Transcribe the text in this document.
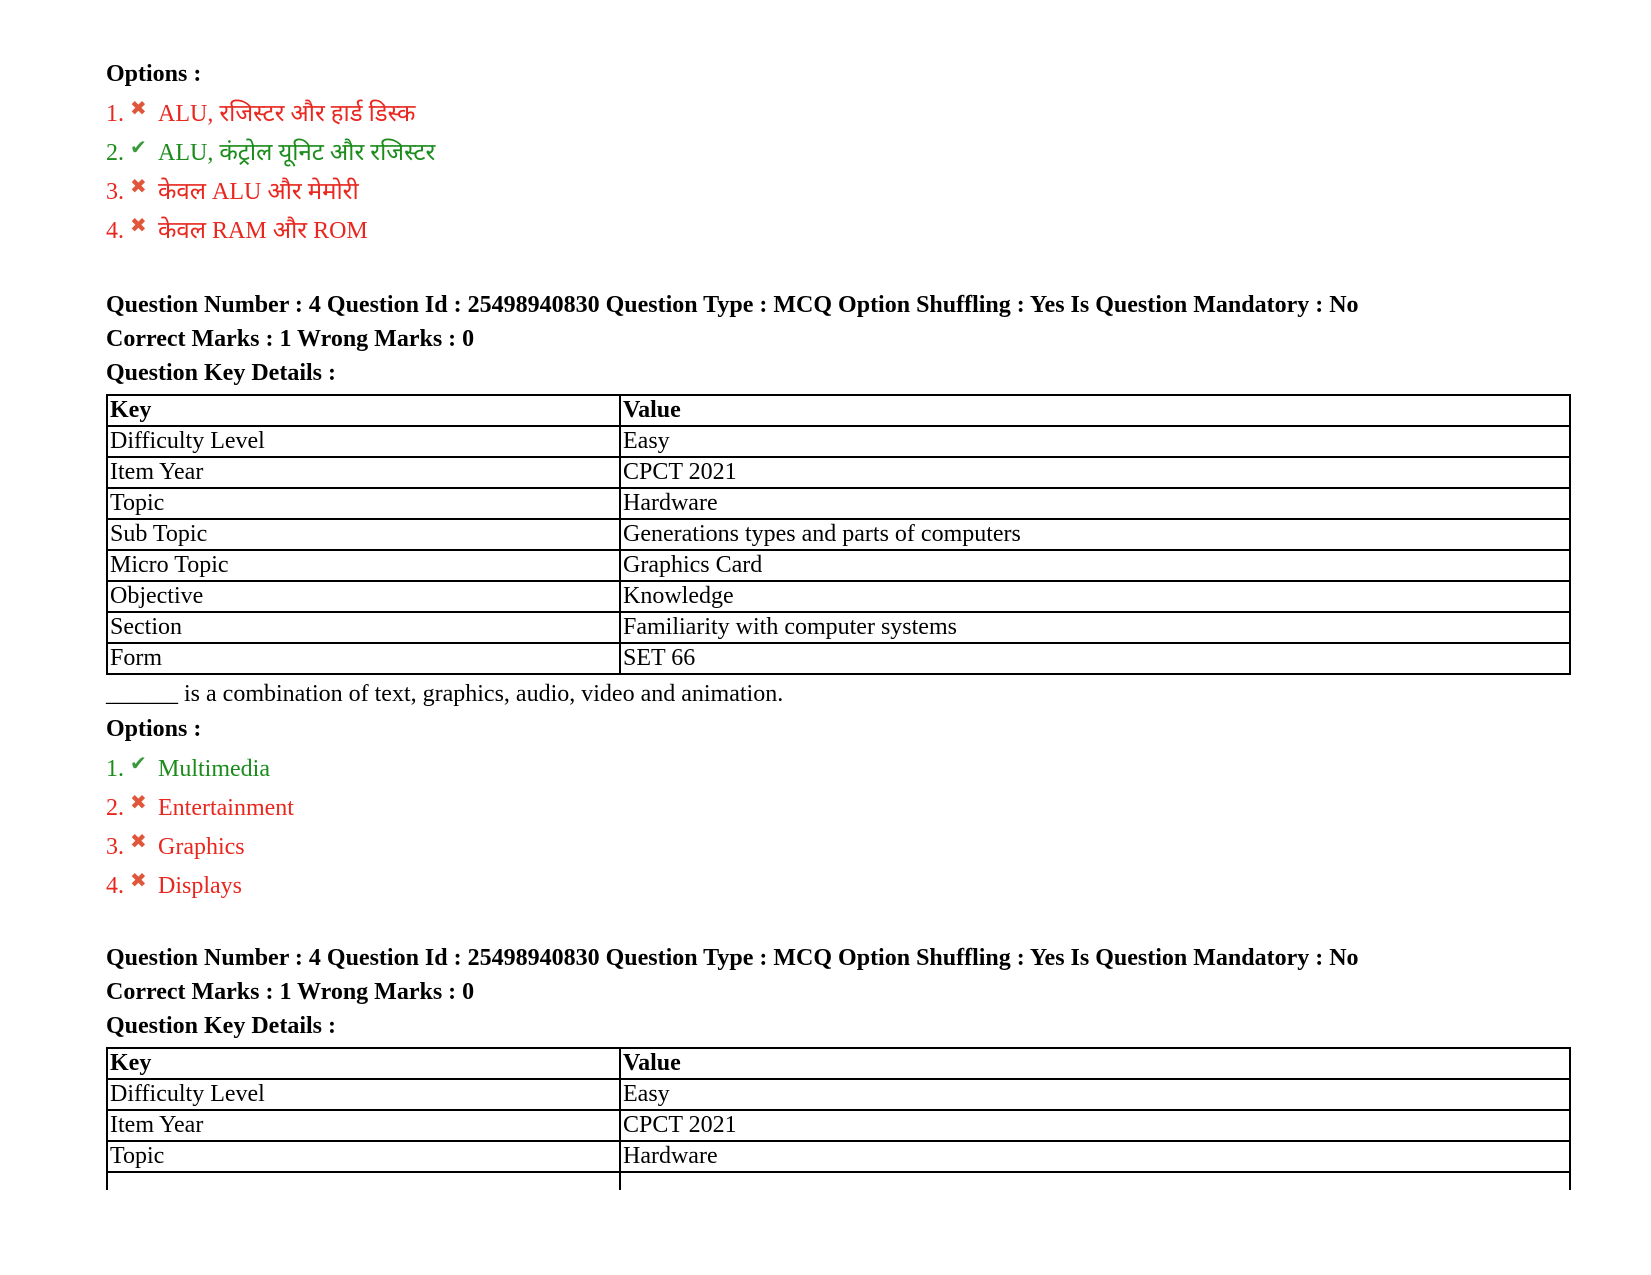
Options :
1. ✖ ALU, रजिस्टर और हार्ड डिस्क
2. ✔ ALU, कंट्रोल यूनिट और रजिस्टर
3. ✖ केवल ALU और मेमोरी
4. ✖ केवल RAM और ROM
Question Number : 4 Question Id : 25498940830 Question Type : MCQ Option Shuffling : Yes Is Question Mandatory : No
Correct Marks : 1 Wrong Marks : 0
Question Key Details :
Key	Value
Difficulty Level	Easy
Item Year	CPCT 2021
Topic	Hardware
Sub Topic	Generations types and parts of computers
Micro Topic	Graphics Card
Objective	Knowledge
Section	Familiarity with computer systems
Form	SET 66
______ is a combination of text, graphics, audio, video and animation.
Options :
1. ✔ Multimedia
2. ✖ Entertainment
3. ✖ Graphics
4. ✖ Displays
Question Number : 4 Question Id : 25498940830 Question Type : MCQ Option Shuffling : Yes Is Question Mandatory : No
Correct Marks : 1 Wrong Marks : 0
Question Key Details :
Key	Value
Difficulty Level	Easy
Item Year	CPCT 2021
Topic	Hardware
